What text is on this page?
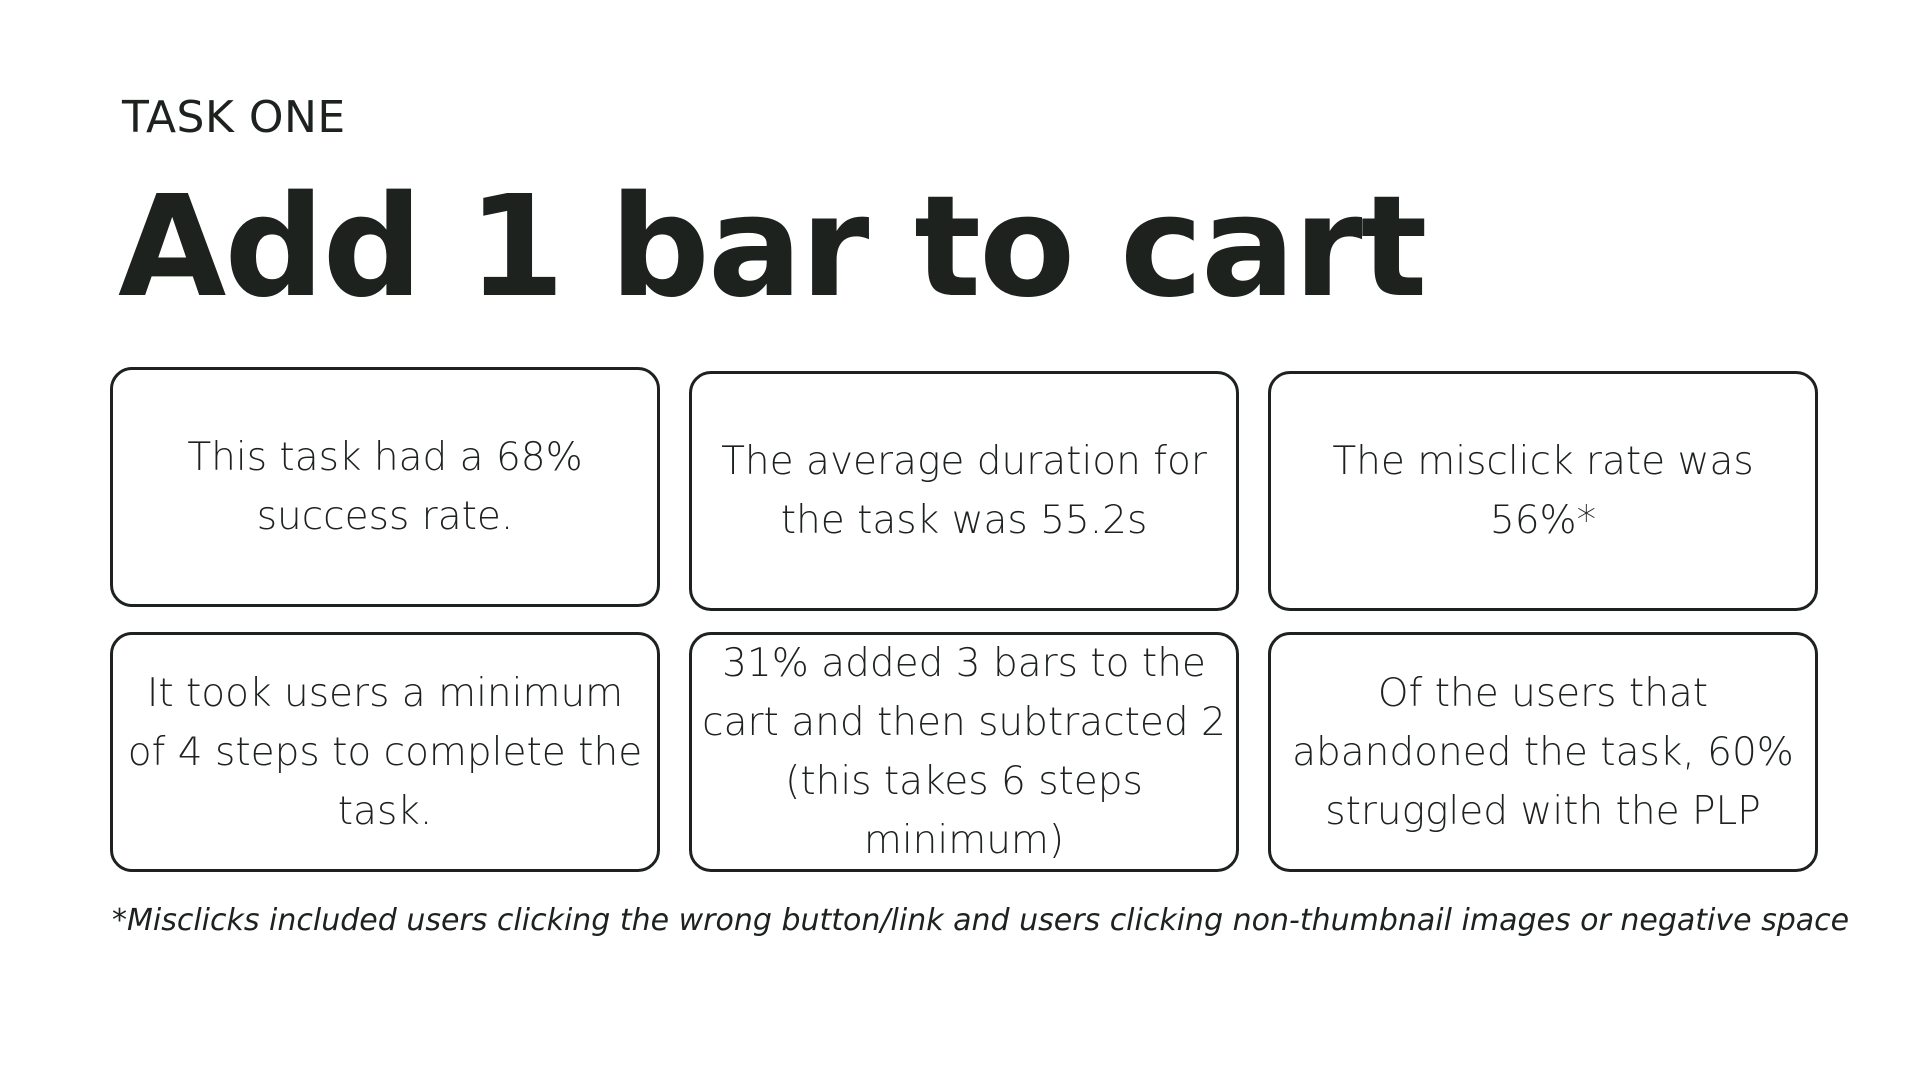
TASK ONE
Add 1 bar to cart
This task had a 68% success rate.
The average duration for the task was 55.2s
The misclick rate was 56%*
It took users a minimum of 4 steps to complete the task.
31% added 3 bars to the cart and then subtracted 2 (this takes 6 steps minimum)
Of the users that abandoned the task, 60% struggled with the PLP
*Misclicks included users clicking the wrong button/link and users clicking non-thumbnail images or negative space
